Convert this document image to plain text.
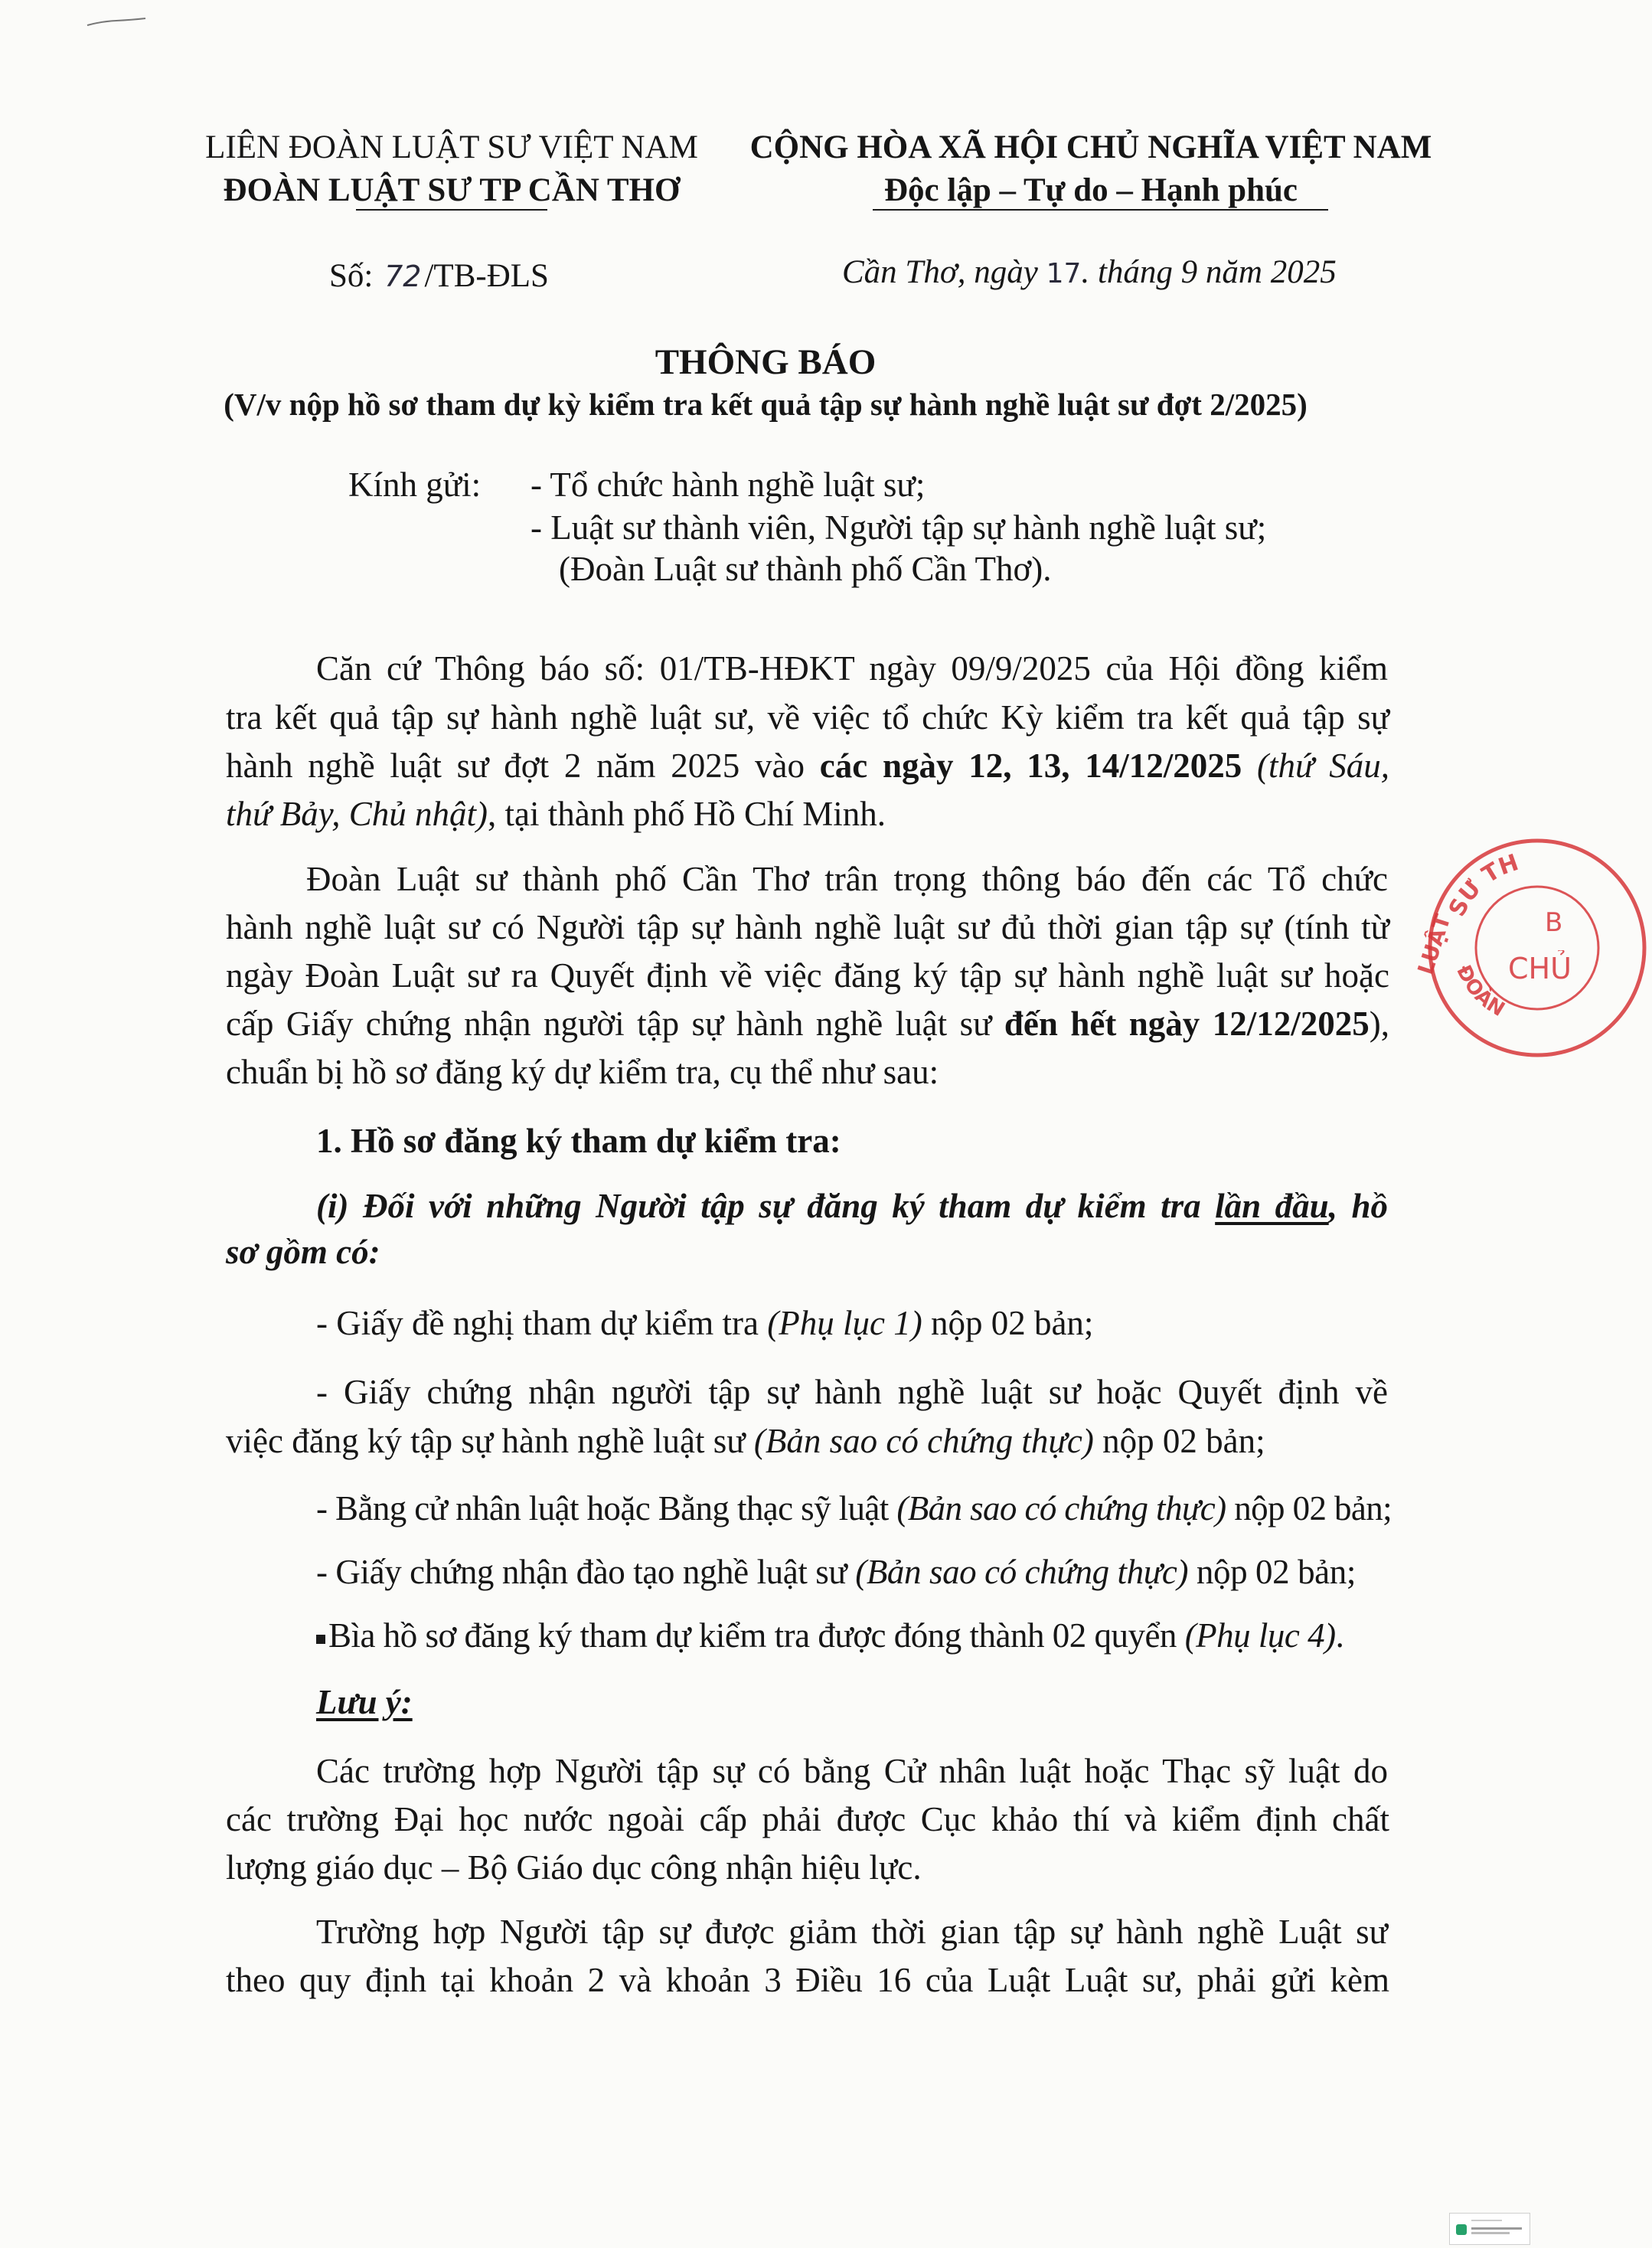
LIÊN ĐOÀN LUẬT SƯ VIỆT NAM
ĐOÀN LUẬT SƯ TP CẦN THƠ
CỘNG HÒA XÃ HỘI CHỦ NGHĨA VIỆT NAM
Độc lập – Tự do – Hạnh phúc
Số: 72/TB-ĐLS	Cần Thơ, ngày 17. tháng 9 năm 2025
THÔNG BÁO
(V/v nộp hồ sơ tham dự kỳ kiểm tra kết quả tập sự hành nghề luật sư đợt 2/2025)
Kính gửi: - Tổ chức hành nghề luật sư;
- Luật sư thành viên, Người tập sự hành nghề luật sư;
(Đoàn Luật sư thành phố Cần Thơ).
Căn cứ Thông báo số: 01/TB-HĐKT ngày 09/9/2025 của Hội đồng kiểm
tra kết quả tập sự hành nghề luật sư, về việc tổ chức Kỳ kiểm tra kết quả tập sự
hành nghề luật sư đợt 2 năm 2025 vào các ngày 12, 13, 14/12/2025 (thứ Sáu,
thứ Bảy, Chủ nhật), tại thành phố Hồ Chí Minh.
Đoàn Luật sư thành phố Cần Thơ trân trọng thông báo đến các Tổ chức
hành nghề luật sư có Người tập sự hành nghề luật sư đủ thời gian tập sự (tính từ
ngày Đoàn Luật sư ra Quyết định về việc đăng ký tập sự hành nghề luật sư hoặc
cấp Giấy chứng nhận người tập sự hành nghề luật sư đến hết ngày 12/12/2025),
chuẩn bị hồ sơ đăng ký dự kiểm tra, cụ thể như sau:
1. Hồ sơ đăng ký tham dự kiểm tra:
(i) Đối với những Người tập sự đăng ký tham dự kiểm tra lần đầu, hồ
sơ gồm có:
- Giấy đề nghị tham dự kiểm tra (Phụ lục 1) nộp 02 bản;
- Giấy chứng nhận người tập sự hành nghề luật sư hoặc Quyết định về
việc đăng ký tập sự hành nghề luật sư (Bản sao có chứng thực) nộp 02 bản;
- Bằng cử nhân luật hoặc Bằng thạc sỹ luật (Bản sao có chứng thực) nộp 02 bản;
- Giấy chứng nhận đào tạo nghề luật sư (Bản sao có chứng thực) nộp 02 bản;
Bìa hồ sơ đăng ký tham dự kiểm tra được đóng thành 02 quyển (Phụ lục 4).
Lưu ý:
Các trường hợp Người tập sự có bằng Cử nhân luật hoặc Thạc sỹ luật do
các trường Đại học nước ngoài cấp phải được Cục khảo thí và kiểm định chất
lượng giáo dục – Bộ Giáo dục công nhận hiệu lực.
Trường hợp Người tập sự được giảm thời gian tập sự hành nghề Luật sư
theo quy định tại khoản 2 và khoản 3 Điều 16 của Luật Luật sư, phải gửi kèm
SƯ TH
LUẬT
ĐOÀN
B
CHỦ
